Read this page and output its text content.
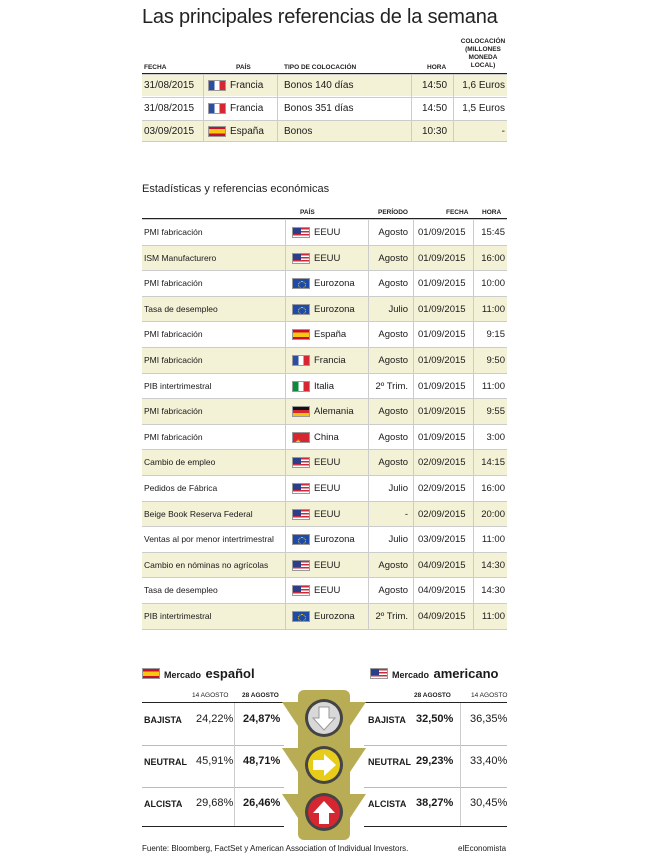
Las principales referencias de la semana
FECHA	PAÍS	TIPO DE COLOCACIÓN	HORA
COLOCACIÓN (MILLONES MONEDA LOCAL)
31/08/2015	Francia Bonos 140 días	14:50 1,6 Euros
31/08/2015	Francia Bonos 351 días	14:50 1,5 Euros
03/09/2015	España Bonos	10:30	-
Estadísticas y referencias económicas
PAÍS	PERÍODO	FECHA HORA
PMI fabricación	EEUU	Agosto 01/09/2015	15:45
ISM Manufacturero	EEUU	Agosto 01/09/2015	16:00
PMI fabricación	Eurozona	Agosto 01/09/2015	10:00
Tasa de desempleo	Eurozona	Julio 01/09/2015	11:00
PMI fabricación	España	Agosto 01/09/2015	9:15
PMI fabricación	Francia	Agosto 01/09/2015	9:50
PIB intertrimestral	Italia	2º Trim. 01/09/2015	11:00
PMI fabricación	Alemania	Agosto 01/09/2015	9:55
PMI fabricación
★	China	Agosto 01/09/2015	3:00
Cambio de empleo	EEUU	Agosto 02/09/2015	14:15
Pedidos de Fábrica	EEUU	Julio 02/09/2015	16:00
Beige Book Reserva Federal	EEUU	- 02/09/2015	20:00
Ventas al por menor intertrimestral	Eurozona	Julio 03/09/2015	11:00
Cambio en nóminas no agrícolas	EEUU	Agosto 04/09/2015	14:30
Tasa de desempleo	EEUU	Agosto 04/09/2015	14:30
PIB intertrimestral	Eurozona	2º Trim. 04/09/2015	11:00
Mercado español	Mercado americano
14 AGOSTO 28 AGOSTO	28 AGOSTO	14 AGOSTO
BAJISTA 24,22% 24,87%
NEUTRAL 45,91% 48,71%
ALCISTA 29,68% 26,46%
BAJISTA 32,50% 36,35%
NEUTRAL 29,23% 33,40%
ALCISTA 38,27% 30,45%
Fuente: Bloomberg, FactSet y American Association of Individual Investors.	elEconomista
